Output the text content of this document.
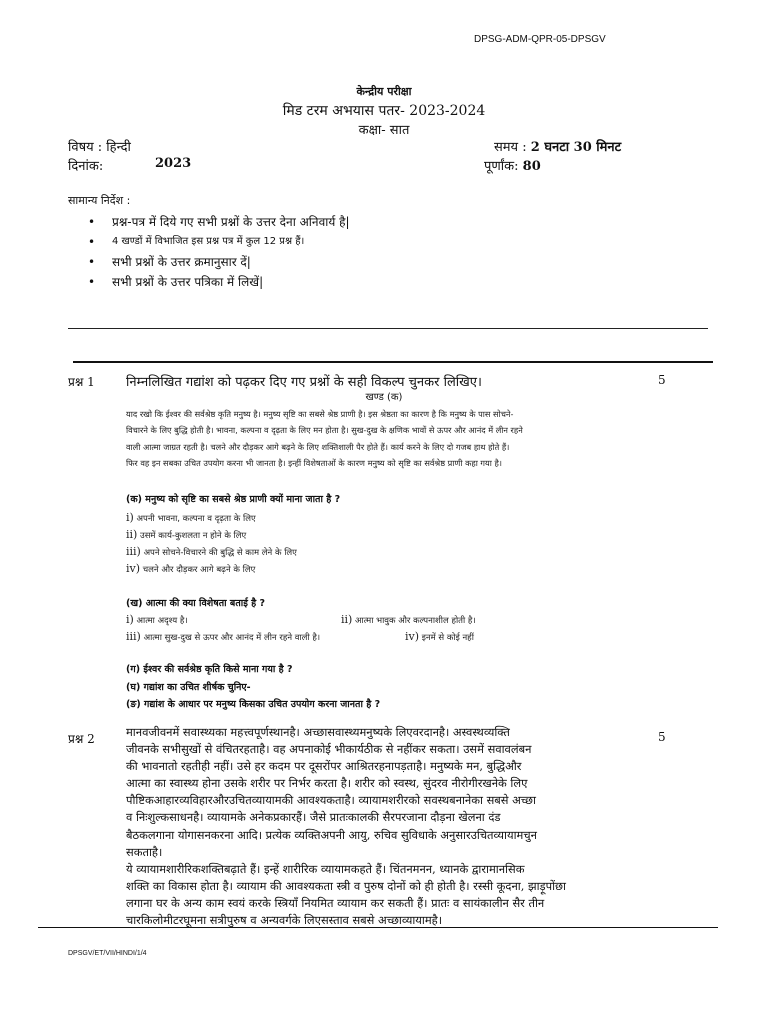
DPSG-ADM-QPR-05-DPSGV
केन्द्रीय परीक्षा
मिड टरम अभयास पतर- 2023-2024
कक्षा- सात
विषय : हिन्दी	समय : 2 घनटा 30 मिनट
दिनांक:	2023	पूर्णांक: 80
सामान्य निर्देश :
• प्रश्न-पत्र में दिये गए सभी प्रश्नों के उत्तर देना अनिवार्य है|
• 4 खण्डों में विभाजित इस प्रश्न पत्र में कुल 12 प्रश्न हैं।
• सभी प्रश्नों के उत्तर क्रमानुसार दें|
• सभी प्रश्नों के उत्तर पत्रिका में लिखें|
प्रश्न 1 निम्नलिखित गद्यांश को पढ़कर दिए गए प्रश्नों के सही विकल्प चुनकर लिखिए।	5
खण्ड (क)
याद रखो कि ईश्वर की सर्वश्रेष्ठ कृति मनुष्य है। मनुष्य सृष्टि का सबसे श्रेष्ठ प्राणी है। इस श्रेष्ठता का कारण है कि मनुष्य के पास सोचने-
विचारने के लिए बुद्धि होती है। भावना, कल्पना व दृढ़ता के लिए मन होता है। सुख-दुख के क्षणिक भावों से ऊपर और आनंद में लीन रहने
वाली आत्मा जाग्रत रहती है। चलने और दौड़कर आगे बढ़ने के लिए शक्तिशाली पैर होते हैं। कार्य करने के लिए दो गजब हाथ होते हैं।
फिर वह इन सबका उचित उपयोग करना भी जानता है। इन्हीं विशेषताओं के कारण मनुष्य को सृष्टि का सर्वश्रेष्ठ प्राणी कहा गया है।
(क) मनुष्य को सृष्टि का सबसे श्रेष्ठ प्राणी क्यों माना जाता है ?
i) अपनी भावना, कल्पना व दृढ़ता के लिए
ii) उसमें कार्य-कुशलता न होने के लिए
iii) अपने सोचने-विचारने की बुद्धि से काम लेने के लिए
iv) चलने और दौड़कर आगे बढ़ने के लिए
(ख) आत्मा की क्या विशेषता बताई है ?
i) आत्मा अदृश्य है।	ii) आत्मा भावुक और कल्पनाशील होती है।
iii) आत्मा सुख-दुख से ऊपर और आनंद में लीन रहने वाली है।	iv) इनमें से कोई नहीं
(ग) ईश्वर की सर्वश्रेष्ठ कृति किसे माना गया है ?
(घ) गद्यांश का उचित शीर्षक चुनिए-
(ङ) गद्यांश के आधार पर मनुष्य किसका उचित उपयोग करना जानता है ?
प्रश्न 2	5
मानवजीवनमें सवास्थ्यका महत्त्वपूर्णस्थानहै। अच्छासवास्थ्यमनुष्यके लिएवरदानहै। अस्वस्थव्यक्ति
जीवनके सभीसुखों से वंचितरहताहै। वह अपनाकोई भीकार्यठीक से नहींकर सकता। उसमें सवावलंबन
की भावनातो रहतीही नहीं। उसे हर कदम पर दूसरोंपर आश्रितरहनापड़ताहै। मनुष्यके मन, बुद्धिऔर
आत्मा का स्वास्थ्य होना उसके शरीर पर निर्भर करता है। शरीर को स्वस्थ, सुंदरव नीरोगीरखनेके लिए
पौष्टिकआहारव्यविहारऔरउचितव्यायामकी आवश्यकताहै। व्यायामशरीरको सवस्थबनानेका सबसे अच्छा
व निःशुल्कसाधनहै। व्यायामके अनेकप्रकारहैं। जैसे प्रातःकालकी सैरपरजाना दौड़ना खेलना दंड
बैठकलगाना योगासनकरना आदि। प्रत्येक व्यक्तिअपनी आयु, रुचिव सुविधाके अनुसारउचितव्यायामचुन
सकताहै।
ये व्यायामशारीरिकशक्तिबढ़ाते हैं। इन्हें शारीरिक व्यायामकहते हैं। चिंतनमनन, ध्यानके द्वारामानसिक
शक्ति का विकास होता है। व्यायाम की आवश्यकता स्त्री व पुरुष दोनों को ही होती है। रस्सी कूदना, झाड़ूपोंछा
लगाना घर के अन्य काम स्वयं करके स्त्रियाँ नियमित व्यायाम कर सकती हैं। प्रातः व सायंकालीन सैर तीन
चारकिलोमीटरघूमना सत्रीपुरुष व अन्यवर्गके लिएसस्ताव सबसे अच्छाव्यायामहै।
DPSGV/ET/VII/HINDI/1/4
